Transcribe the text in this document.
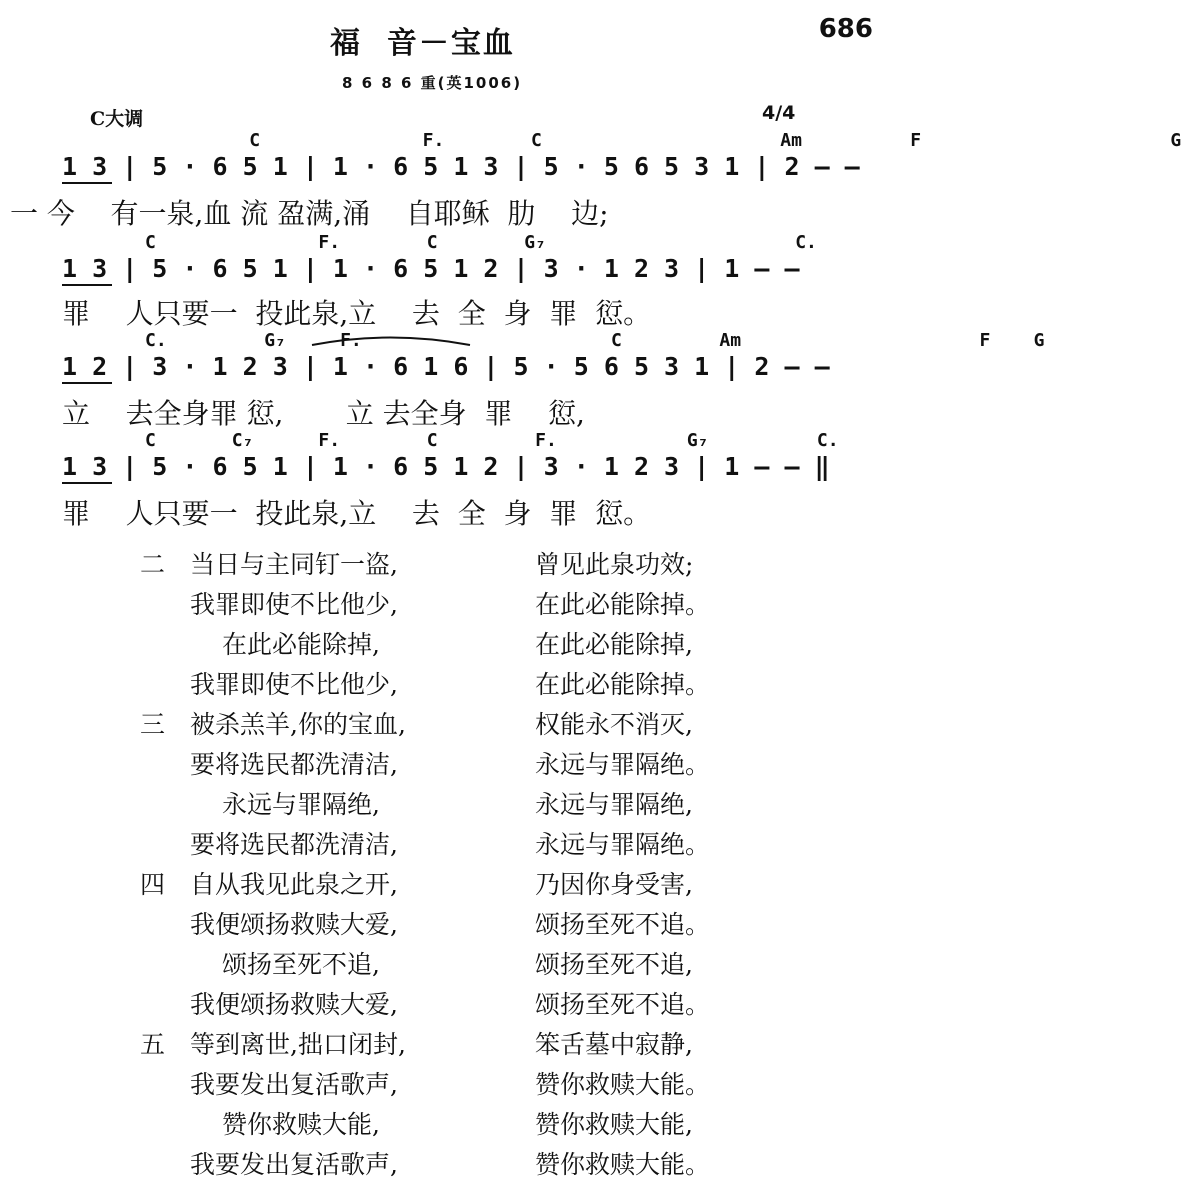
福  音－宝血	686
8 6 8 6 重(英1006)
C大调	4/4
C               F.        C                      Am          F                       G
1 3 | 5 · 6 5 1 | 1 · 6 5 1 3 | 5 · 5 6 5 3 1 | 2 — —
一 今    有一泉,血 流 盈满,涌    自耶稣  肋    边;
C               F.        C        G₇                       C.
1 3 | 5 · 6 5 1 | 1 · 6 5 1 2 | 3 · 1 2 3 | 1 — —
罪    人只要一  投此泉,立    去  全  身  罪  愆。
C.         G₇     F.                       C         Am                      F    G
1 2 | 3 · 1 2 3 | 1 · 6 1 6 | 5 · 5 6 5 3 1 | 2 — —
立    去全身罪 愆,       立 去全身  罪    愆,
C       C₇      F.        C         F.            G₇          C.
1 3 | 5 · 6 5 1 | 1 · 6 5 1 2 | 3 · 1 2 3 | 1 — — ‖
罪    人只要一  投此泉,立    去  全  身  罪  愆。
二 当日与主同钉一盗,	曾见此泉功效;
我罪即使不比他少,	在此必能除掉。
在此必能除掉,	在此必能除掉,
我罪即使不比他少,	在此必能除掉。
三 被杀羔羊,你的宝血,	权能永不消灭,
要将选民都洗清洁,	永远与罪隔绝。
永远与罪隔绝,	永远与罪隔绝,
要将选民都洗清洁,	永远与罪隔绝。
四 自从我见此泉之开,	乃因你身受害,
我便颂扬救赎大爱,	颂扬至死不追。
颂扬至死不追,	颂扬至死不追,
我便颂扬救赎大爱,	颂扬至死不追。
五 等到离世,拙口闭封,	笨舌墓中寂静,
我要发出复活歌声,	赞你救赎大能。
赞你救赎大能,	赞你救赎大能,
我要发出复活歌声,	赞你救赎大能。
